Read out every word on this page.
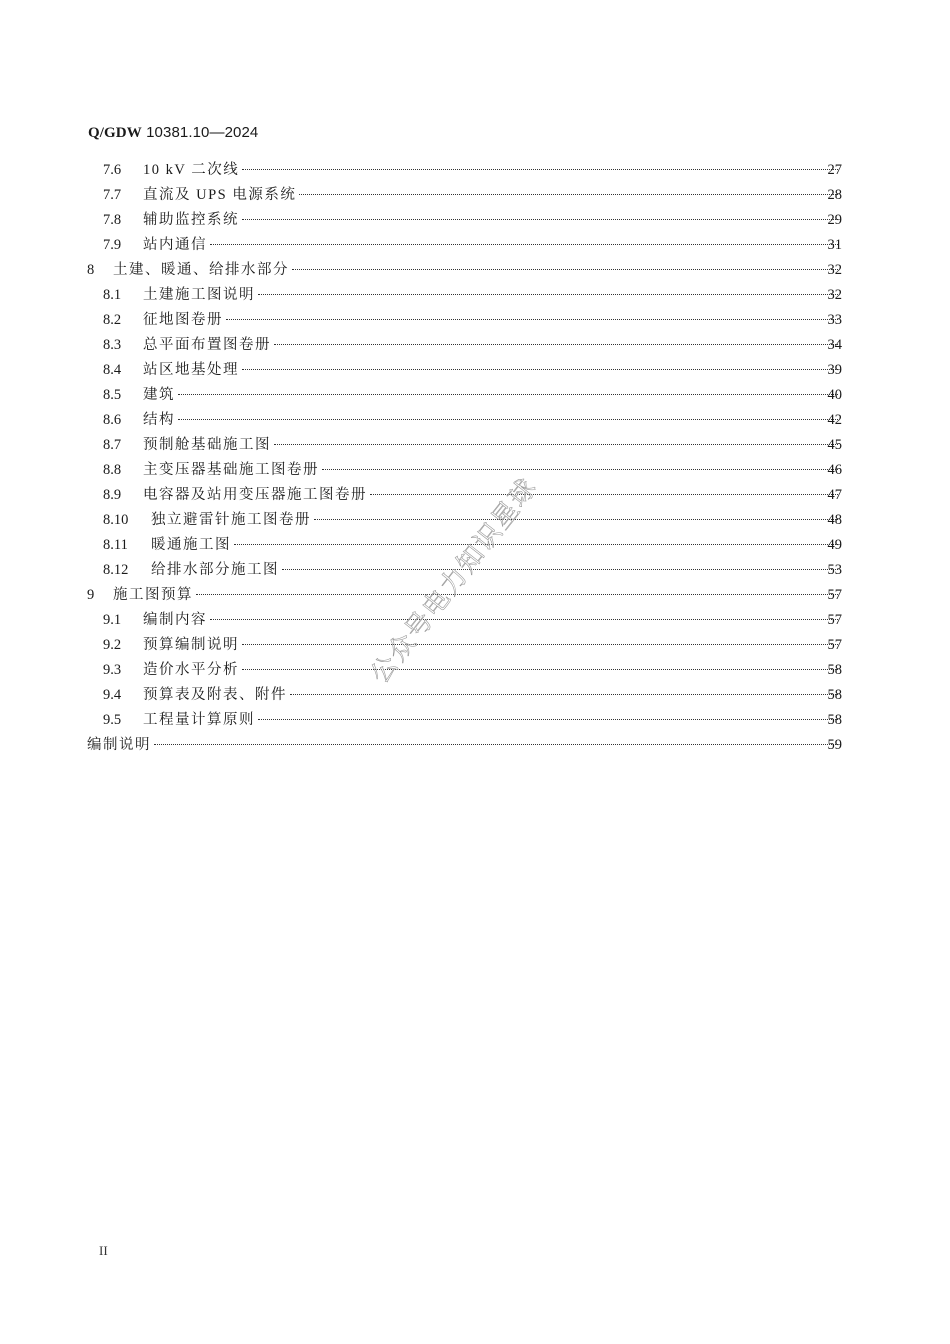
Q/GDW 10381.10—2024
7.6 10 kV 二次线	27
7.7 直流及 UPS 电源系统	28
7.8 辅助监控系统	29
7.9 站内通信	31
8 土建、暖通、给排水部分	32
8.1 土建施工图说明	32
8.2 征地图卷册	33
8.3 总平面布置图卷册	34
8.4 站区地基处理	39
8.5 建筑	40
8.6 结构	42
8.7 预制舱基础施工图	45
8.8 主变压器基础施工图卷册	46
8.9 电容器及站用变压器施工图卷册	47
8.10 独立避雷针施工图卷册	48
8.11 暖通施工图	49
8.12 给排水部分施工图	53
9 施工图预算	57
9.1 编制内容	57
9.2 预算编制说明	57
9.3 造价水平分析	58
9.4 预算表及附表、附件	58
9.5 工程量计算原则	58
编制说明	59
II
公众号电力知识星球
